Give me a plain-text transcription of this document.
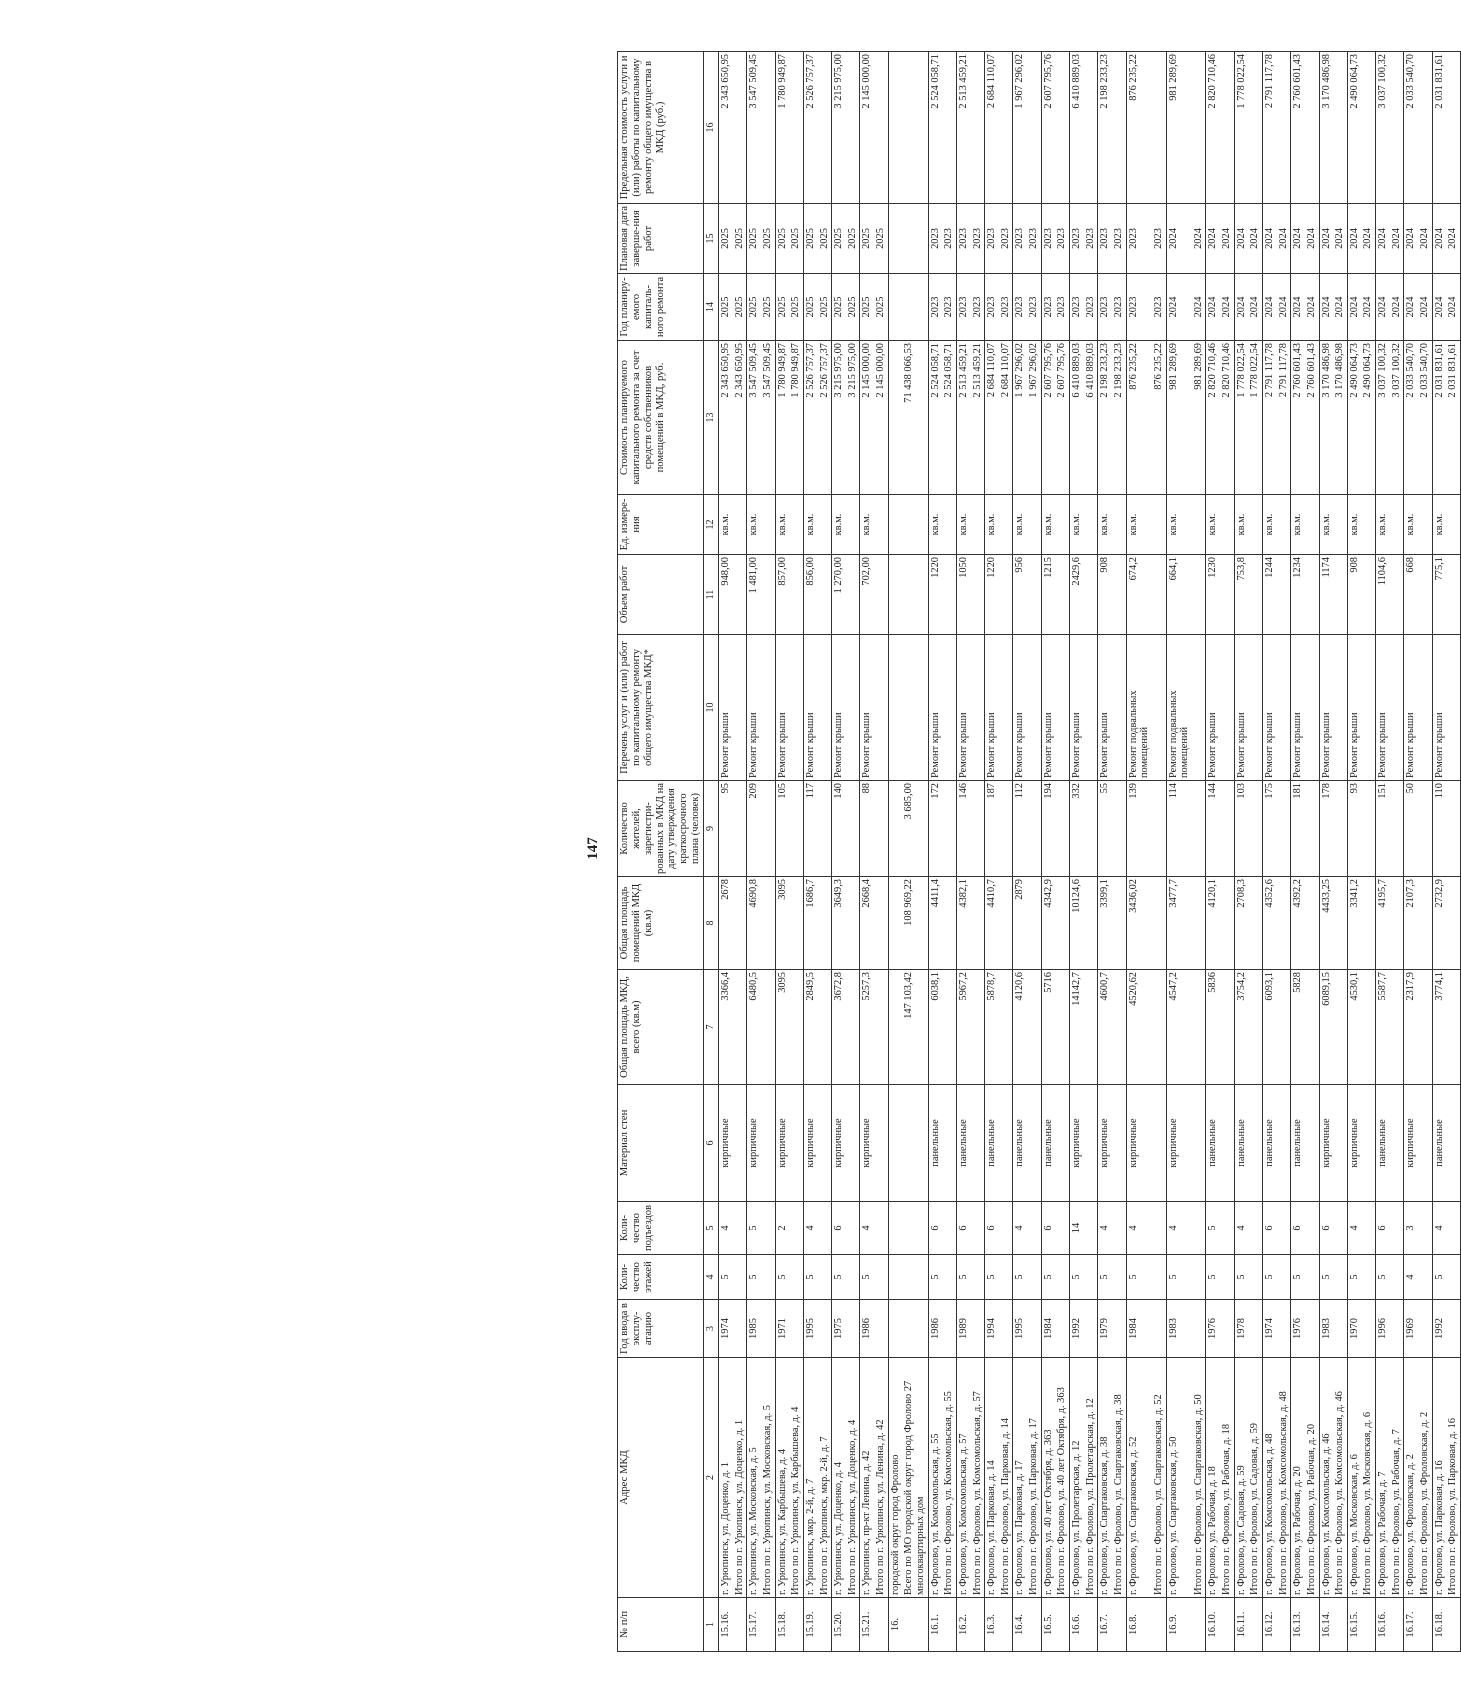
147
№ п/п	Адрес МКД	Год ввода в эксплу-атацию	Коли-чество этажей	Коли-чество подъездов	Материал стен	Общая площадь МКД, всего (кв.м)	Общая площадь помещений МКД (кв.м)	Количество жителей, зарегистри-рованных в МКД на дату утверждения краткосрочного плана (человек)	Перечень услуг и (или) работ по капитальному ремонту общего имущества МКД*	Объем работ	Ед. измере-ния	Стоимость планируемого капитального ремонта за счет средств собственников помещений в МКД, руб.	Год планиру-емого капиталь-ного ремонта	Плановая дата заверше-ния работ	Предельная стоимость услуги и (или) работы по капитальному ремонту общего имущества в МКД (руб.)
1	2	3	4	5	6	7	8	9	10	11	12	13	14	15	16
15.16.	г. Урюпинск, ул. Доценко, д. 1	1974	5	4	кирпичные	3366,4	2678	95	Ремонт крыши	948,00	кв.м.	2 343 650,95	2025	2025	2 343 650,95
	Итого по г. Урюпинск, ул. Доценко, д. 1											2 343 650,95	2025	2025	
15.17.	г. Урюпинск, ул. Московская, д. 5	1985	5	5	кирпичные	6480,5	4690,8	209	Ремонт крыши	1 481,00	кв.м.	3 547 509,45	2025	2025	3 547 509,45
	Итого по г. Урюпинск, ул. Московская, д. 5											3 547 509,45	2025	2025	
15.18.	г. Урюпинск, ул. Карбышева, д. 4	1971	5	2	кирпичные	3095	3095	105	Ремонт крыши	857,00	кв.м.	1 780 949,87	2025	2025	1 780 949,87
	Итого по г. Урюпинск, ул. Карбышева, д. 4											1 780 949,87	2025	2025	
15.19.	г. Урюпинск, мкр. 2-й, д. 7	1995	5	4	кирпичные	2849,5	1686,7	117	Ремонт крыши	856,00	кв.м.	2 526 757,37	2025	2025	2 526 757,37
	Итого по г. Урюпинск, мкр. 2-й, д. 7											2 526 757,37	2025	2025	
15.20.	г. Урюпинск, ул. Доценко, д. 4	1975	5	6	кирпичные	3672,8	3649,3	140	Ремонт крыши	1 270,00	кв.м.	3 215 975,00	2025	2025	3 215 975,00
	Итого по г. Урюпинск, ул. Доценко, д. 4											3 215 975,00	2025	2025	
15.21.	г. Урюпинск, пр-кт Ленина, д. 42	1986	5	4	кирпичные	5257,3	2668,4	88	Ремонт крыши	702,00	кв.м.	2 145 000,00	2025	2025	2 145 000,00
	Итого по г. Урюпинск, ул. Ленина, д. 42											2 145 000,00	2025	2025	
16.	городской округ город Фролово														
	Всего по МО городской округ город Фролово 27 многоквартирных дом					147 103,42	108 969,22	3 685,00				71 438 066,53			
16.1.	г. Фролово, ул. Комсомольская, д. 55	1986	5	6	панельные	6038,1	4411,4	172	Ремонт крыши	1220	кв.м.	2 524 058,71	2023	2023	2 524 058,71
	Итого по г. Фролово, ул. Комсомольская, д. 55											2 524 058,71	2023	2023	
16.2.	г. Фролово, ул. Комсомольская, д. 57	1989	5	6	панельные	5967,2	4382,1	146	Ремонт крыши	1050	кв.м.	2 513 459,21	2023	2023	2 513 459,21
	Итого по г. Фролово, ул. Комсомольская, д. 57											2 513 459,21	2023	2023	
16.3.	г. Фролово, ул. Парковая, д. 14	1994	5	6	панельные	5878,7	4410,7	187	Ремонт крыши	1220	кв.м.	2 684 110,07	2023	2023	2 684 110,07
	Итого по г. Фролово, ул. Парковая, д. 14											2 684 110,07	2023	2023	
16.4.	г. Фролово, ул. Парковая, д. 17	1995	5	4	панельные	4120,6	2879	112	Ремонт крыши	956	кв.м.	1 967 296,02	2023	2023	1 967 296,02
	Итого по г. Фролово, ул. Парковая, д. 17											1 967 296,02	2023	2023	
16.5.	г. Фролово, ул. 40 лет Октября, д. 363	1984	5	6	панельные	5716	4342,9	194	Ремонт крыши	1215	кв.м.	2 607 795,76	2023	2023	2 607 795,76
	Итого по г. Фролово, ул. 40 лет Октября, д. 363											2 607 795,76	2023	2023	
16.6.	г. Фролово, ул. Пролетарская, д. 12	1992	5	14	кирпичные	14142,7	10124,6	332	Ремонт крыши	2429,6	кв.м.	6 410 889,03	2023	2023	6 410 889,03
	Итого по г. Фролово, ул. Пролетарская, д. 12											6 410 889,03	2023	2023	
16.7.	г. Фролово, ул. Спартаковская, д. 38	1979	5	4	кирпичные	4600,7	3399,1	55	Ремонт крыши	908	кв.м.	2 198 233,23	2023	2023	2 198 233,23
	Итого по г. Фролово, ул. Спартаковская, д. 38											2 198 233,23	2023	2023	
16.8.	г. Фролово, ул. Спартаковская, д. 52	1984	5	4	кирпичные	4520,62	3436,02	139	Ремонт подвальных помещений	674,2	кв.м.	876 235,22	2023	2023	876 235,22
	Итого по г. Фролово, ул. Спартаковская, д. 52											876 235,22	2023	2023	
16.9.	г. Фролово, ул. Спартаковская, д. 50	1983	5	4	кирпичные	4547,2	3477,7	114	Ремонт подвальных помещений	664,1	кв.м.	981 289,69	2024	2024	981 289,69
	Итого по г. Фролово, ул. Спартаковская, д. 50											981 289,69	2024	2024	
16.10.	г. Фролово, ул. Рабочая, д. 18	1976	5	5	панельные	5836	4120,1	144	Ремонт крыши	1230	кв.м.	2 820 710,46	2024	2024	2 820 710,46
	Итого по г. Фролово, ул. Рабочая, д. 18											2 820 710,46	2024	2024	
16.11.	г. Фролово, ул. Садовая, д. 59	1978	5	4	панельные	3754,2	2708,3	103	Ремонт крыши	753,8	кв.м.	1 778 022,54	2024	2024	1 778 022,54
	Итого по г. Фролово, ул. Садовая, д. 59											1 778 022,54	2024	2024	
16.12.	г. Фролово, ул. Комсомольская, д. 48	1974	5	6	панельные	6093,1	4352,6	175	Ремонт крыши	1244	кв.м.	2 791 117,78	2024	2024	2 791 117,78
	Итого по г. Фролово, ул. Комсомольская, д. 48											2 791 117,78	2024	2024	
16.13.	г. Фролово, ул. Рабочая, д. 20	1976	5	6	панельные	5828	4392,2	181	Ремонт крыши	1234	кв.м.	2 760 601,43	2024	2024	2 760 601,43
	Итого по г. Фролово, ул. Рабочая, д. 20											2 760 601,43	2024	2024	
16.14.	г. Фролово, ул. Комсомольская, д. 46	1983	5	6	кирпичные	6089,15	4433,25	178	Ремонт крыши	1174	кв.м.	3 170 486,98	2024	2024	3 170 486,98
	Итого по г. Фролово, ул. Комсомольская, д. 46											3 170 486,98	2024	2024	
16.15.	г. Фролово, ул. Московская, д. 6	1970	5	4	кирпичные	4530,1	3341,2	93	Ремонт крыши	908	кв.м.	2 490 064,73	2024	2024	2 490 064,73
	Итого по г. Фролово, ул. Московская, д. 6											2 490 064,73	2024	2024	
16.16.	г. Фролово, ул. Рабочая, д. 7	1996	5	6	панельные	5587,7	4195,7	151	Ремонт крыши	1104,6	кв.м.	3 037 100,32	2024	2024	3 037 100,32
	Итого по г. Фролово, ул. Рабочая, д. 7											3 037 100,32	2024	2024	
16.17.	г. Фролово, ул. Фроловская, д. 2	1969	4	3	кирпичные	2317,9	2107,3	50	Ремонт крыши	668	кв.м.	2 033 540,70	2024	2024	2 033 540,70
	Итого по г. Фролово, ул. Фроловская, д. 2											2 033 540,70	2024	2024	
16.18.	г. Фролово, ул. Парковая, д. 16	1992	5	4	панельные	3774,1	2732,9	110	Ремонт крыши	775,1	кв.м.	2 031 831,61	2024	2024	2 031 831,61
	Итого по г. Фролово, ул. Парковая, д. 16											2 031 831,61	2024	2024	
